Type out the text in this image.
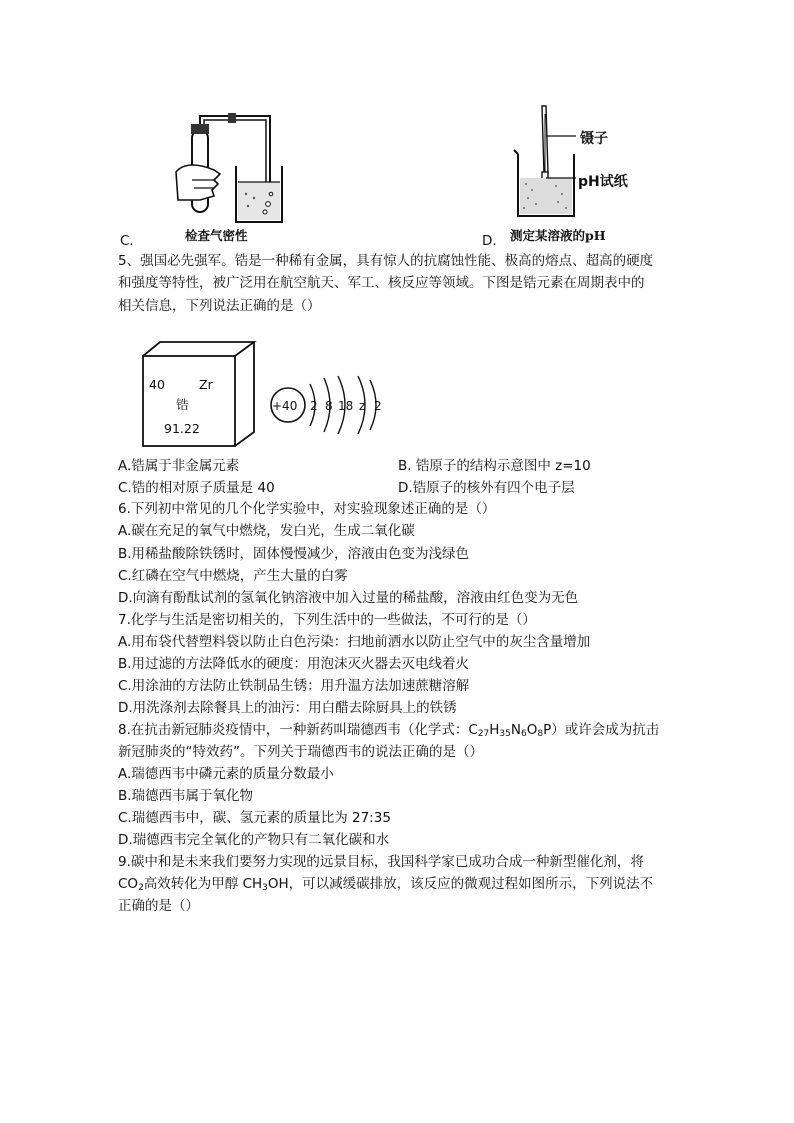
C.	检查气密性
镊子
pH试纸
D. 测定某溶液的pH
5、强国必先强军。锆是一种稀有金属，具有惊人的抗腐蚀性能、极高的熔点、超高的硬度
和强度等特性，被广泛用在航空航天、军工、核反应等领域。下图是锆元素在周期表中的
相关信息，下列说法正确的是（）
40	Zr
锆
91.22
+40 2 8 18 z 2
A.锆属于非金属元素	B. 锆原子的结构示意图中 z=10
C.锆的相对原子质量是 40	D.锆原子的核外有四个电子层
6.下列初中常见的几个化学实验中，对实验现象述正确的是（）
A.碳在充足的氧气中燃烧，发白光，生成二氧化碳
B.用稀盐酸除铁锈时，固体慢慢减少，溶液由色变为浅绿色
C.红磷在空气中燃烧，产生大量的白雾
D.向滴有酚酞试剂的氢氧化钠溶液中加入过量的稀盐酸，溶液由红色变为无色
7.化学与生活是密切相关的，下列生活中的一些做法，不可行的是（）
A.用布袋代替塑料袋以防止白色污染：扫地前洒水以防止空气中的灰尘含量增加
B.用过滤的方法降低水的硬度：用泡沫灭火器去灭电线着火
C.用涂油的方法防止铁制品生锈：用升温方法加速蔗糖溶解
D.用洗涤剂去除餐具上的油污：用白醋去除厨具上的铁锈
8.在抗击新冠肺炎疫情中，一种新药叫瑞德西韦（化学式：$C_{27}H_{35}N_6O_8P$）或许会成为抗击
新冠肺炎的“特效药”。下列关于瑞德西韦的说法正确的是（）
A.瑞德西韦中磷元素的质量分数最小
B.瑞德西韦属于氧化物
C.瑞德西韦中，碳、氢元素的质量比为 27:35
D.瑞德西韦完全氧化的产物只有二氧化碳和水
9.碳中和是未来我们要努力实现的远景目标，我国科学家已成功合成一种新型催化剂，将
$CO_2$高效转化为甲醇 $CH_3OH$，可以减缓碳排放，该反应的微观过程如图所示，下列说法不
正确的是（）
